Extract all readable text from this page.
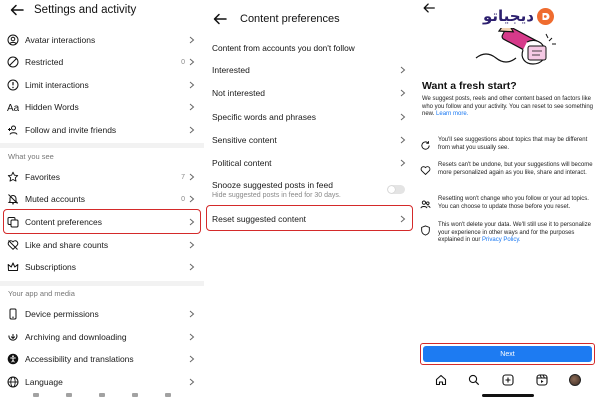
Settings and activity
Avatar interactions
Restricted	0
Limit interactions
Aa Hidden Words
Follow and invite friends
What you see
Favorites	7
Muted accounts	0
Content preferences
Like and share counts
Subscriptions
Your app and media
Device permissions
Archiving and downloading
Accessibility and translations
Language
Content preferences
Content from accounts you don't follow
Interested
Not interested
Specific words and phrases
Sensitive content
Political content
Snooze suggested posts in feed
Hide suggested posts in feed for 30 days.
Reset suggested content
دیجیاتو
Want a fresh start?

We suggest posts, reels and other content based on factors like who you follow and your activity. You can reset to see something new. Learn more.

You'll see suggestions about topics that may be different from what you usually see.
Resets can't be undone, but your suggestions will become more personalized again as you like, share and interact.
Resetting won't change who you follow or your ad topics. You can choose to update those before you reset.
This won't delete your data. We'll still use it to personalize your experience in other ways and for the purposes explained in our Privacy Policy.
Next
